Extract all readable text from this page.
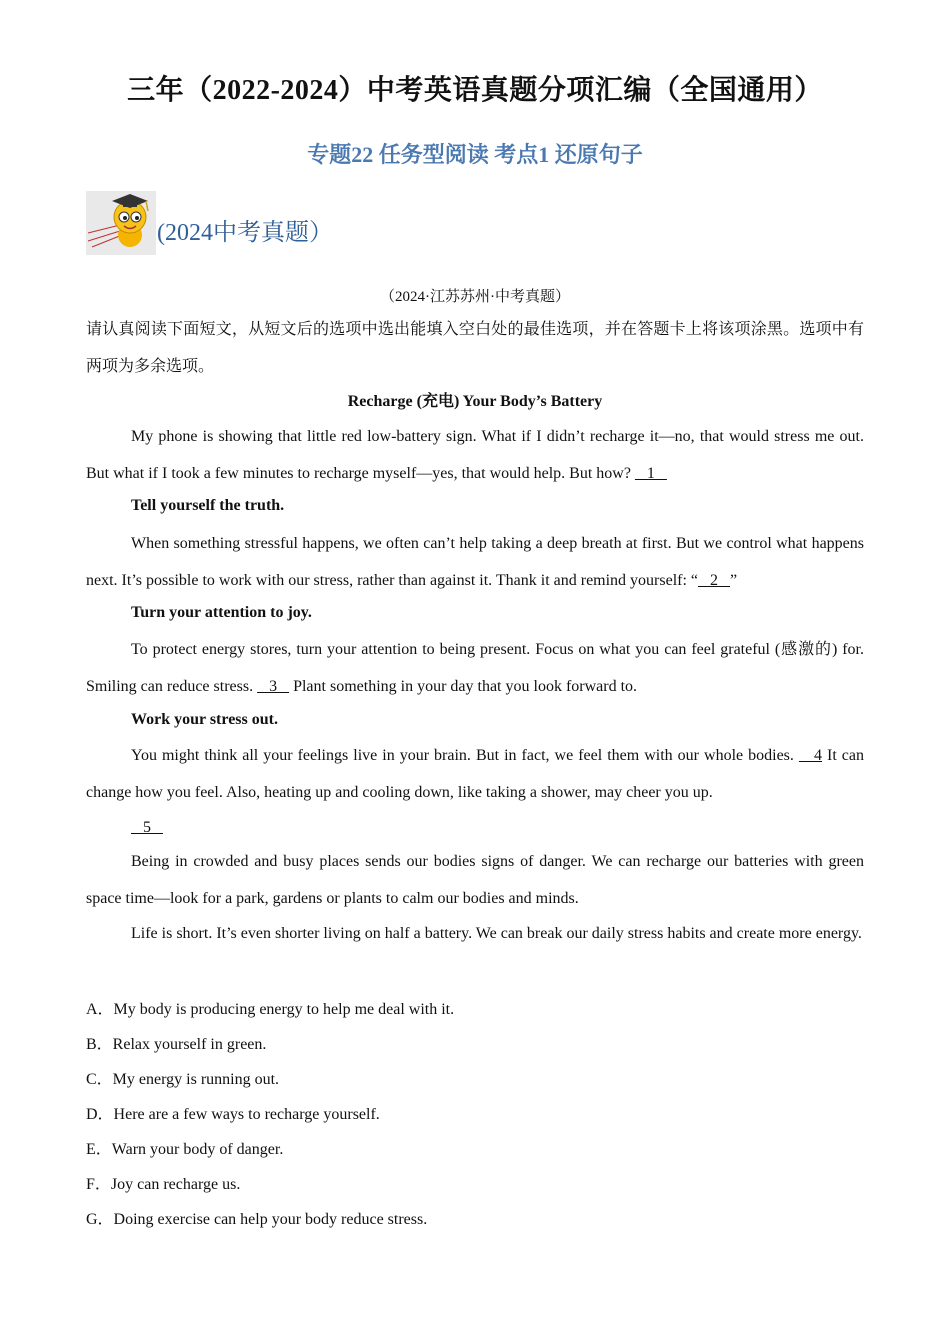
三年（2022-2024）中考英语真题分项汇编（全国通用）
专题22 任务型阅读 考点1 还原句子
(2024中考真题）
（2024·江苏苏州·中考真题）
请认真阅读下面短文，从短文后的选项中选出能填入空白处的最佳选项，并在答题卡上将该项涂黑。选项中有两项为多余选项。
Recharge (充电) Your Body’s Battery
My phone is showing that little red low-battery sign. What if I didn’t recharge it—no, that would stress me out. But what if I took a few minutes to recharge myself—yes, that would help. But how?    1
Tell yourself the truth.
When something stressful happens, we often can’t help taking a deep breath at first. But we control what happens next. It’s possible to work with our stress, rather than against it. Thank it and remind yourself: “   2   ”
Turn your attention to joy.
To protect energy stores, turn your attention to being present. Focus on what you can feel grateful (感激的) for. Smiling can reduce stress.    3    Plant something in your day that you look forward to.
Work your stress out.
You might think all your feelings live in your brain. But in fact, we feel them with our whole bodies.    4 It can change how you feel. Also, heating up and cooling down, like taking a shower, may cheer you up.
5
Being in crowded and busy places sends our bodies signs of danger. We can recharge our batteries with green space time—look for a park, gardens or plants to calm our bodies and minds.
Life is short. It’s even shorter living on half a battery. We can break our daily stress habits and create more energy.
A．My body is producing energy to help me deal with it.
B．Relax yourself in green.
C．My energy is running out.
D．Here are a few ways to recharge yourself.
E．Warn your body of danger.
F．Joy can recharge us.
G．Doing exercise can help your body reduce stress.
